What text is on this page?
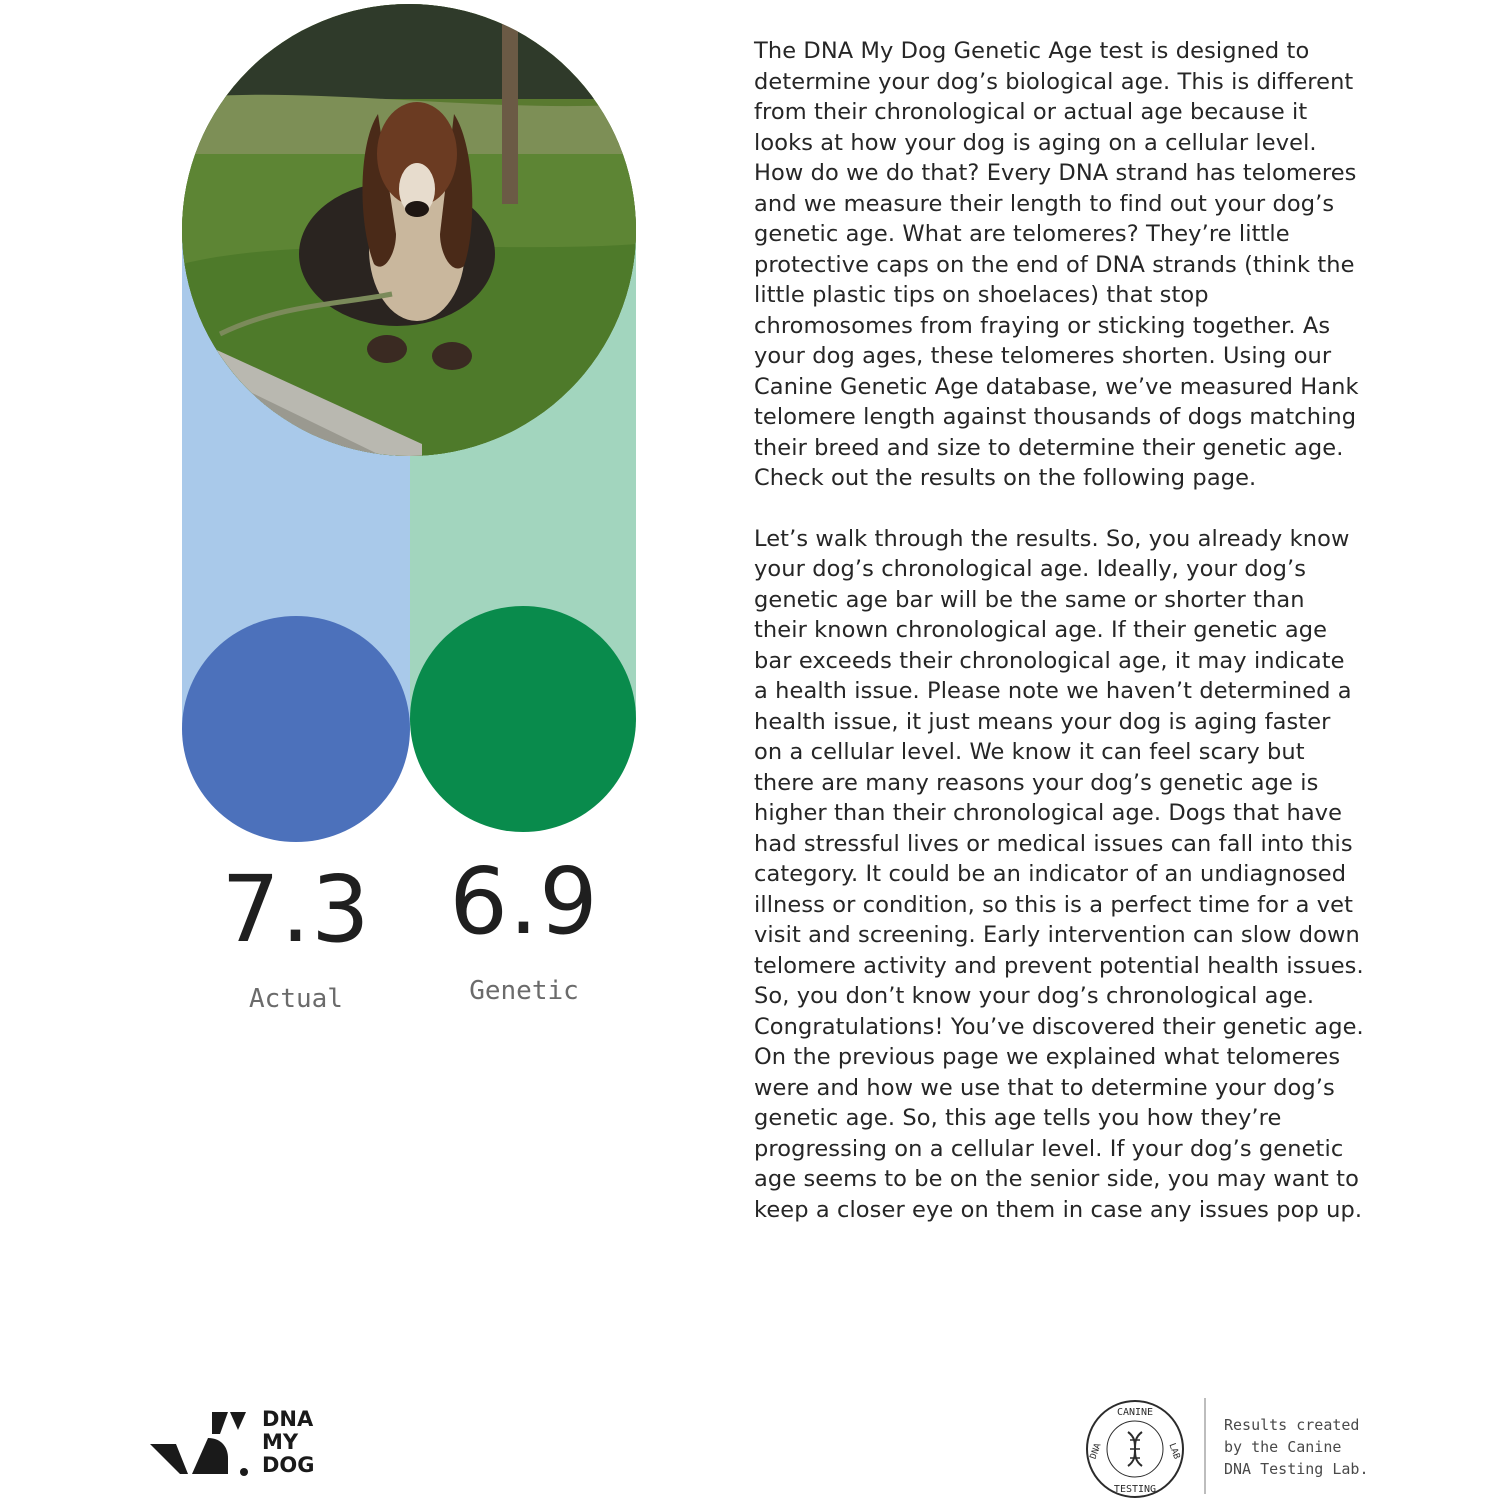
7.3 6.9
Actual	Genetic

The DNA My Dog Genetic Age test is designed to determine your dog’s biological age. This is different from their chronological or actual age because it looks at how your dog is aging on a cellular level. How do we do that? Every DNA strand has telomeres and we measure their length to find out your dog’s genetic age. What are telomeres? They’re little protective caps on the end of DNA strands (think the little plastic tips on shoelaces) that stop chromosomes from fraying or sticking together. As your dog ages, these telomeres shorten. Using our Canine Genetic Age database, we’ve measured Hank telomere length against thousands of dogs matching their breed and size to determine their genetic age. Check out the results on the following page.

Let’s walk through the results. So, you already know your dog’s chronological age. Ideally, your dog’s genetic age bar will be the same or shorter than their known chronological age. If their genetic age bar exceeds their chronological age, it may indicate a health issue. Please note we haven’t determined a health issue, it just means your dog is aging faster on a cellular level. We know it can feel scary but there are many reasons your dog’s genetic age is higher than their chronological age. Dogs that have had stressful lives or medical issues can fall into this category. It could be an indicator of an undiagnosed illness or condition, so this is a perfect time for a vet visit and screening. Early intervention can slow down telomere activity and prevent potential health issues. So, you don’t know your dog’s chronological age. Congratulations! You’ve discovered their genetic age. On the previous page we explained what telomeres were and how we use that to determine your dog’s genetic age. So, this age tells you how they’re progressing on a cellular level. If your dog’s genetic age seems to be on the senior side, you may want to keep a closer eye on them in case any issues pop up.

DNA
MY
DOG
CANINE
TESTING
DNA	LAB
Results created
by the Canine
DNA Testing Lab.
